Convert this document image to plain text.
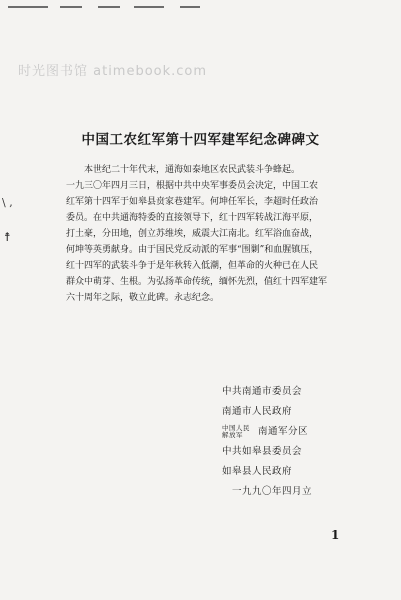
时光图书馆 atimebook.com
\ ,
☨
中国工农红军第十四军建军纪念碑碑文
本世纪二十年代末，通海如泰地区农民武装斗争蜂起。
一九三〇年四月三日，根据中共中央军事委员会决定，中国工农
红军第十四军于如皋县贲家巷建军。何坤任军长，李超时任政治
委员。在中共通海特委的直接领导下，红十四军转战江海平原，
打土豪，分田地，创立苏维埃，威震大江南北。红军浴血奋战，
何坤等英勇献身。由于国民党反动派的军事“围剿”和血腥镇压，
红十四军的武装斗争于是年秋转入低潮，但革命的火种已在人民
群众中萌芽、生根。为弘扬革命传统，缅怀先烈，值红十四军建军
六十周年之际，敬立此碑。永志纪念。
中共南通市委员会
南通市人民政府
中国人民
解放军	南通军分区
中共如皋县委员会
如皋县人民政府
一九九〇年四月立
1
